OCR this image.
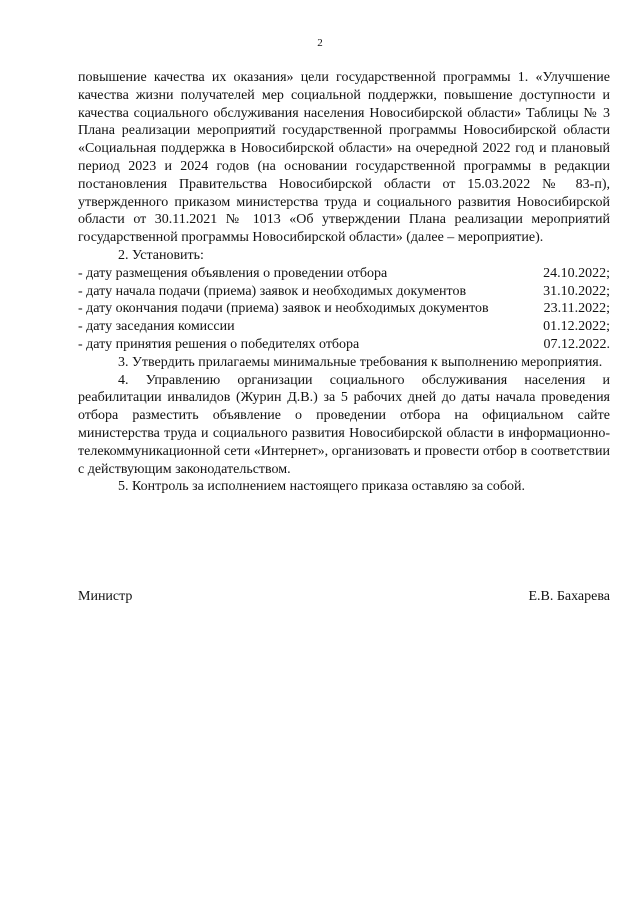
2

повышение качества их оказания» цели государственной программы 1. «Улучшение качества жизни получателей мер социальной поддержки, повышение доступности и качества социального обслуживания населения Новосибирской области» Таблицы № 3 Плана реализации мероприятий государственной программы Новосибирской области «Социальная поддержка в Новосибирской области» на очередной 2022 год и плановый период 2023 и 2024 годов (на основании государственной программы в редакции постановления Правительства Новосибирской области от 15.03.2022 № 83-п), утвержденного приказом министерства труда и социального развития Новосибирской области от 30.11.2021 № 1013 «Об утверждении Плана реализации мероприятий государственной программы Новосибирской области» (далее – мероприятие).

2. Установить:

- дату размещения объявления о проведении отбора	24.10.2022;
- дату начала подачи (приема) заявок и необходимых документов	31.10.2022;
- дату окончания подачи (приема) заявок и необходимых документов	23.11.2022;
- дату заседания комиссии	01.12.2022;
- дату принятия решения о победителях отбора	07.12.2022.

3. Утвердить прилагаемы минимальные требования к выполнению мероприятия.

4. Управлению организации социального обслуживания населения и реабилитации инвалидов (Журин Д.В.) за 5 рабочих дней до даты начала проведения отбора разместить объявление о проведении отбора на официальном сайте министерства труда и социального развития Новосибирской области в информационно-телекоммуникационной сети «Интернет», организовать и провести отбор в соответствии с действующим законодательством.

5. Контроль за исполнением настоящего приказа оставляю за собой.

Министр	Е.В. Бахарева
